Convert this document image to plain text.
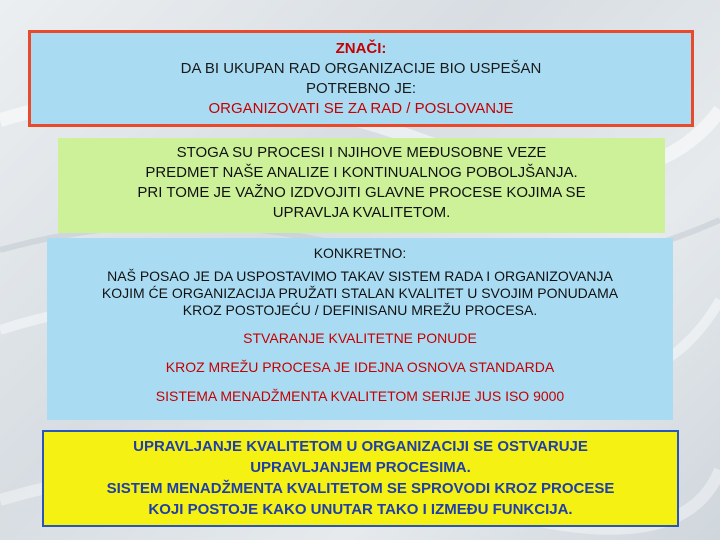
ZNAČI:
DA BI UKUPAN RAD ORGANIZACIJE BIO USPEŠAN
POTREBNO JE:
ORGANIZOVATI SE ZA RAD / POSLOVANJE
STOGA SU PROCESI I NJIHOVE MEĐUSOBNE VEZE
PREDMET NAŠE ANALIZE I KONTINUALNOG POBOLJŠANJA.
PRI TOME JE VAŽNO IZDVOJITI GLAVNE PROCESE KOJIMA SE
UPRAVLJA KVALITETOM.
KONKRETNO:
NAŠ POSAO JE DA USPOSTAVIMO TAKAV SISTEM RADA I ORGANIZOVANJA
KOJIM ĆE ORGANIZACIJA PRUŽATI STALAN KVALITET U SVOJIM PONUDAMA
KROZ POSTOJEĆU / DEFINISANU MREŽU PROCESA.
STVARANJE KVALITETNE PONUDE
KROZ MREŽU PROCESA JE IDEJNA OSNOVA STANDARDA
SISTEMA MENADŽMENTA KVALITETOM SERIJE JUS ISO 9000
UPRAVLJANJE KVALITETOM U ORGANIZACIJI SE OSTVARUJE
UPRAVLJANJEM PROCESIMA.
SISTEM MENADŽMENTA KVALITETOM SE SPROVODI KROZ PROCESE
KOJI POSTOJE KAKO UNUTAR TAKO I IZMEĐU FUNKCIJA.
